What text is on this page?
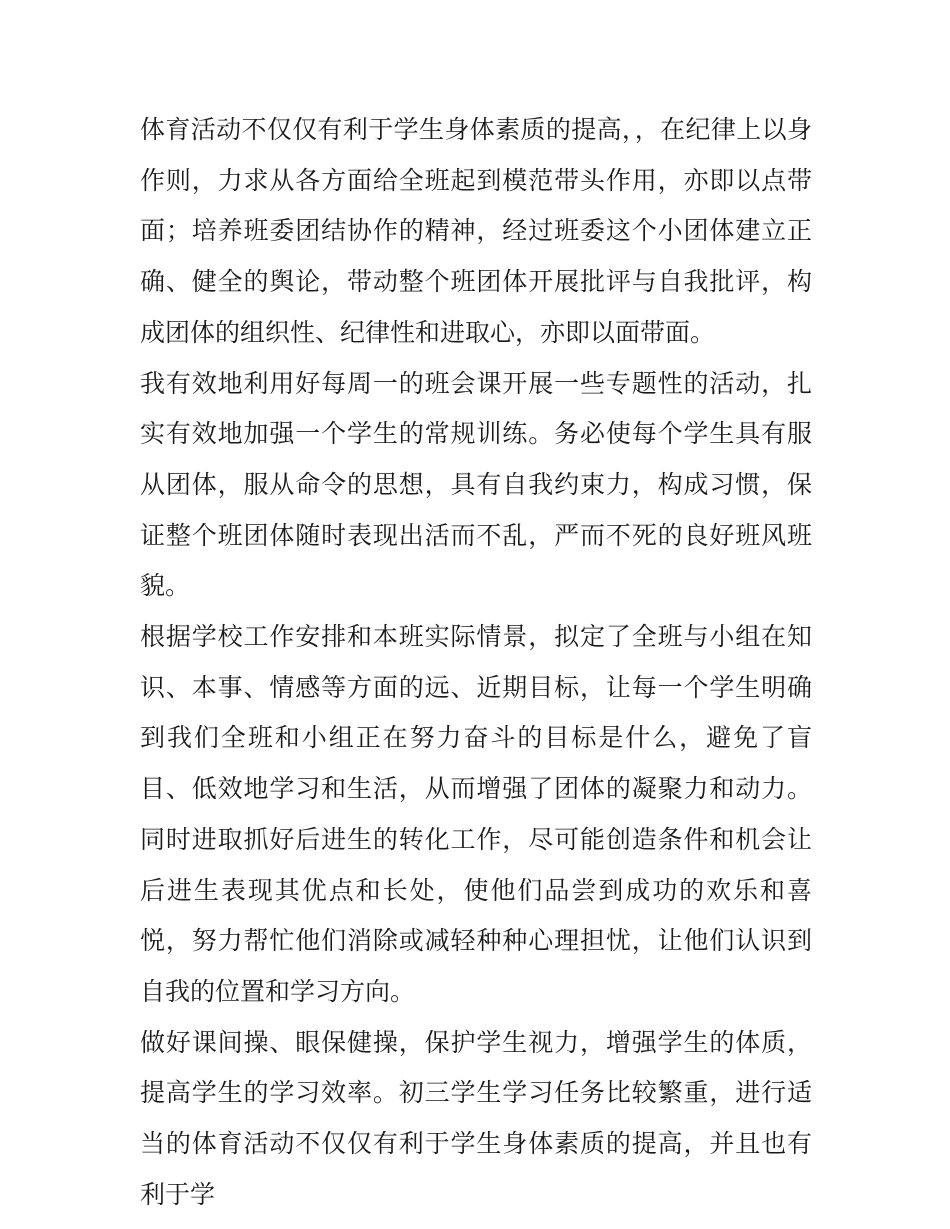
体育活动不仅仅有利于学生身体素质的提高，，在纪律上以身作则，力求从各方面给全班起到模范带头作用，亦即以点带面；培养班委团结协作的精神，经过班委这个小团体建立正确、健全的舆论，带动整个班团体开展批评与自我批评，构成团体的组织性、纪律性和进取心，亦即以面带面。

我有效地利用好每周一的班会课开展一些专题性的活动，扎实有效地加强一个学生的常规训练。务必使每个学生具有服从团体，服从命令的思想，具有自我约束力，构成习惯，保证整个班团体随时表现出活而不乱，严而不死的良好班风班貌。

根据学校工作安排和本班实际情景，拟定了全班与小组在知识、本事、情感等方面的远、近期目标，让每一个学生明确到我们全班和小组正在努力奋斗的目标是什么，避免了盲目、低效地学习和生活，从而增强了团体的凝聚力和动力。同时进取抓好后进生的转化工作，尽可能创造条件和机会让后进生表现其优点和长处，使他们品尝到成功的欢乐和喜悦，努力帮忙他们消除或减轻种种心理担忧，让他们认识到自我的位置和学习方向。

做好课间操、眼保健操，保护学生视力，增强学生的体质，提高学生的学习效率。初三学生学习任务比较繁重，进行适当的体育活动不仅仅有利于学生身体素质的提高，并且也有利于学
